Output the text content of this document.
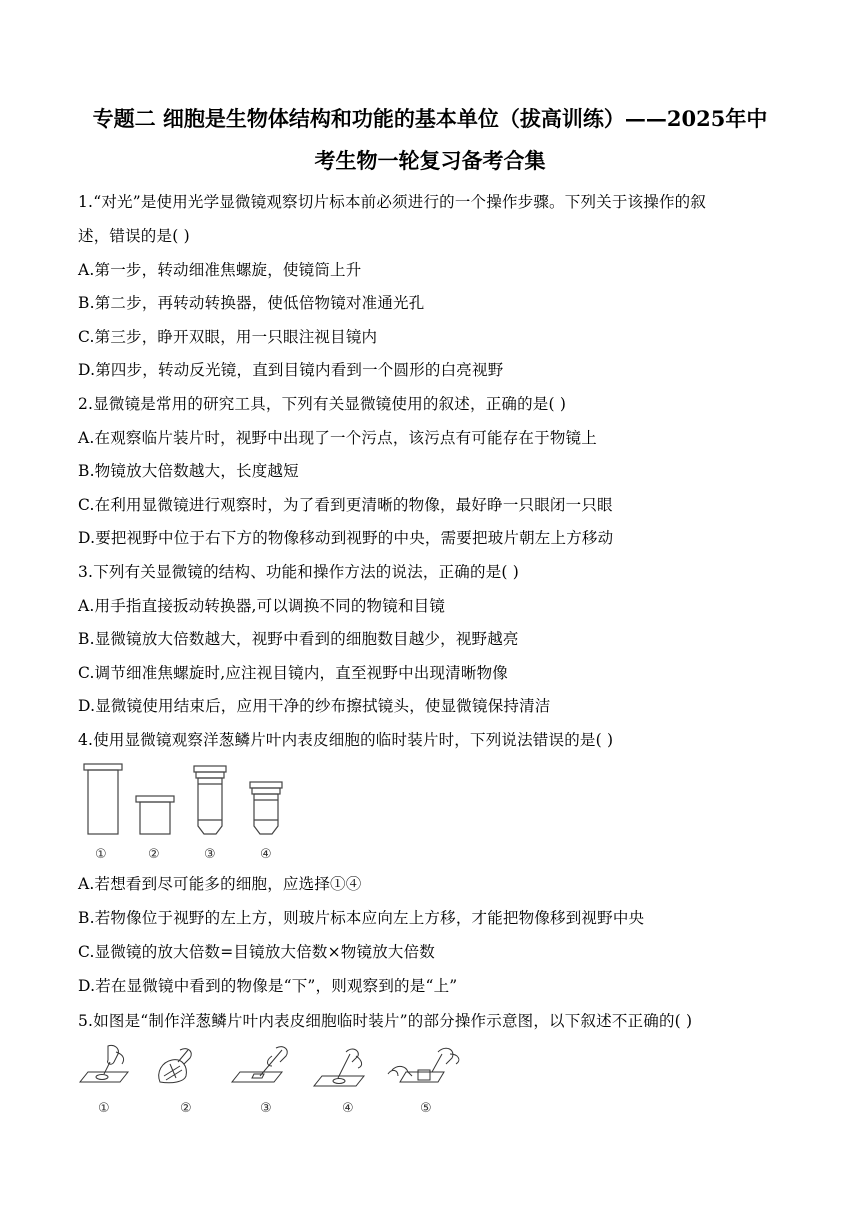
专题二 细胞是生物体结构和功能的基本单位（拔高训练）——2025年中
考生物一轮复习备考合集
1.“对光”是使用光学显微镜观察切片标本前必须进行的一个操作步骤。下列关于该操作的叙
述，错误的是( )
A.第一步，转动细准焦螺旋，使镜筒上升
B.第二步，再转动转换器，使低倍物镜对准通光孔
C.第三步，睁开双眼，用一只眼注视目镜内
D.第四步，转动反光镜，直到目镜内看到一个圆形的白亮视野
2.显微镜是常用的研究工具，下列有关显微镜使用的叙述，正确的是( )
A.在观察临片装片时，视野中出现了一个污点，该污点有可能存在于物镜上
B.物镜放大倍数越大，长度越短
C.在利用显微镜进行观察时，为了看到更清晰的物像，最好睁一只眼闭一只眼
D.要把视野中位于右下方的物像移动到视野的中央，需要把玻片朝左上方移动
3.下列有关显微镜的结构、功能和操作方法的说法，正确的是( )
A.用手指直接扳动转换器,可以调换不同的物镜和目镜
B.显微镜放大倍数越大，视野中看到的细胞数目越少，视野越亮
C.调节细准焦螺旋时,应注视目镜内，直至视野中出现清晰物像
D.显微镜使用结束后，应用干净的纱布擦拭镜头，使显微镜保持清洁
4.使用显微镜观察洋葱鳞片叶内表皮细胞的临时装片时，下列说法错误的是( )
①	②	③	④
A.若想看到尽可能多的细胞，应选择①④
B.若物像位于视野的左上方，则玻片标本应向左上方移，才能把物像移到视野中央
C.显微镜的放大倍数=目镜放大倍数×物镜放大倍数
D.若在显微镜中看到的物像是“下”，则观察到的是“上”
5.如图是“制作洋葱鳞片叶内表皮细胞临时装片”的部分操作示意图，以下叙述不正确的( )
①	②	③	④	⑤
